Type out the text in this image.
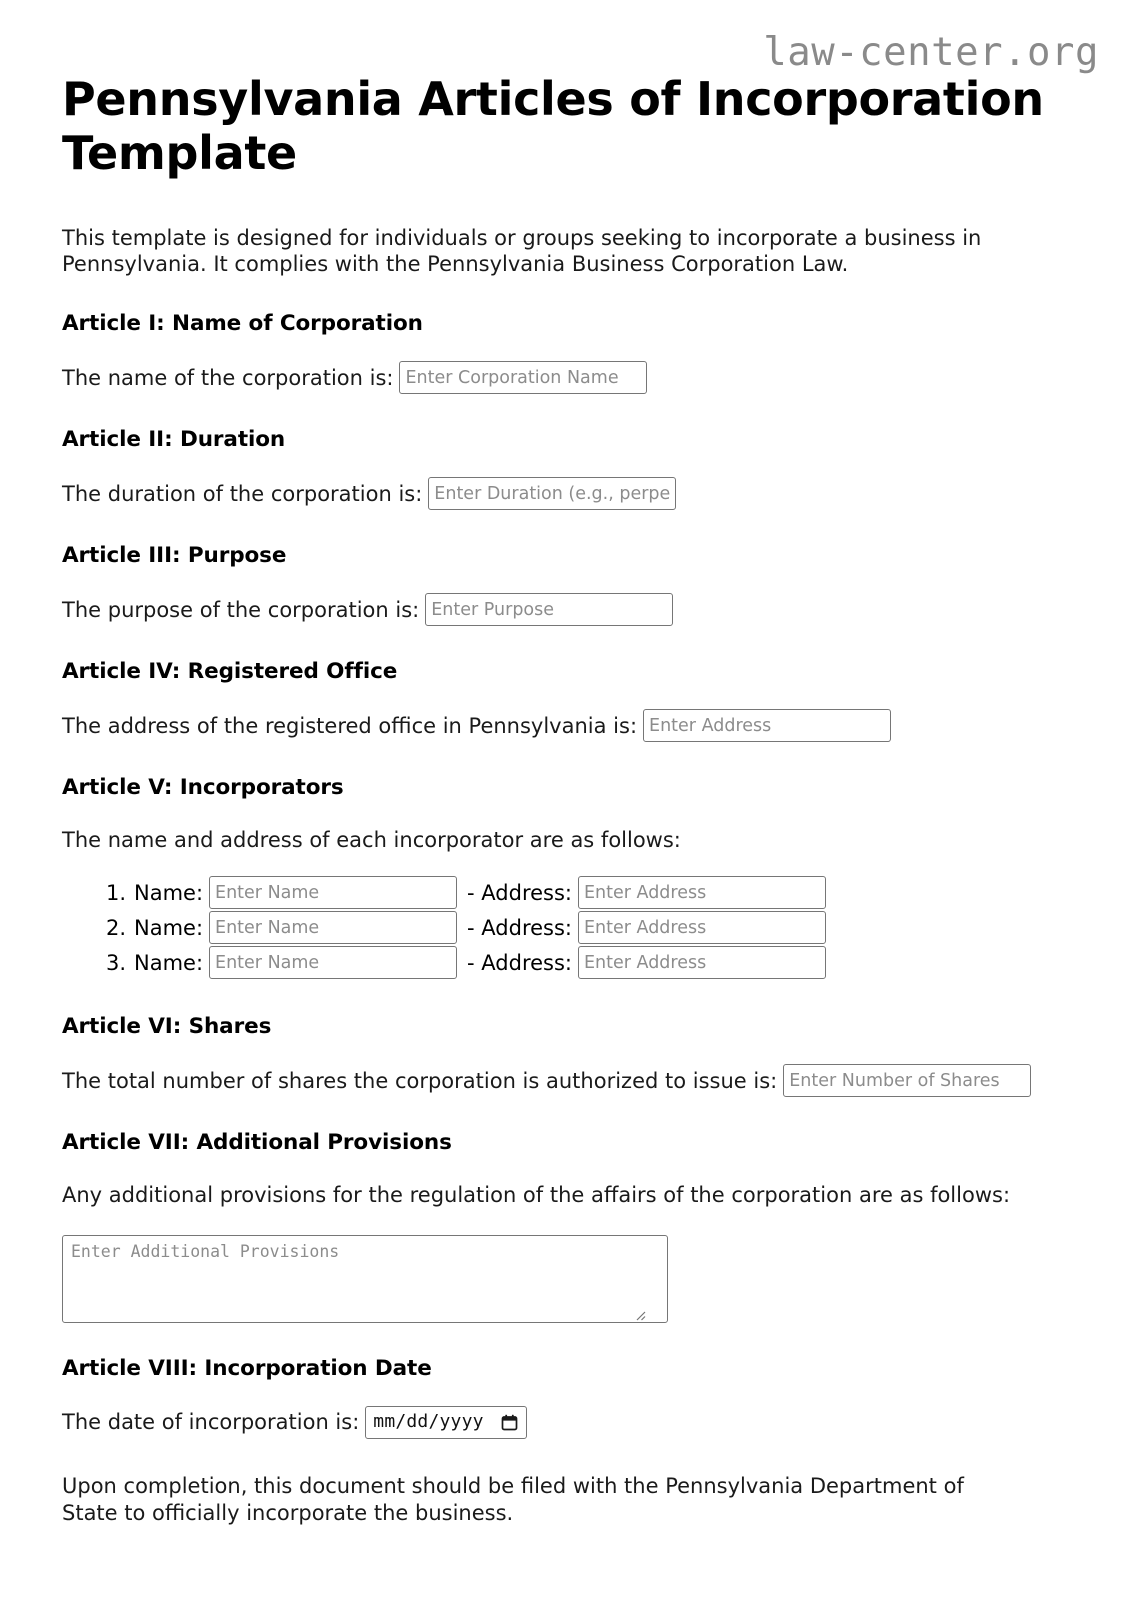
law-center.org
Pennsylvania Articles of Incorporation Template

This template is designed for individuals or groups seeking to incorporate a business in Pennsylvania. It complies with the Pennsylvania Business Corporation Law.

Article I: Name of Corporation
The name of the corporation is:
Enter Corporation Name
Article II: Duration
The duration of the corporation is:
Enter Duration (e.g., perpetual)
Article III: Purpose
The purpose of the corporation is:
Enter Purpose
Article IV: Registered Office
The address of the registered office in Pennsylvania is:
Enter Address
Article V: Incorporators

The name and address of each incorporator are as follows:

1. Name:
Enter Name	- Address:
Enter Address
2. Name:
Enter Name	- Address:
Enter Address
3. Name:
Enter Name	- Address:
Enter Address
Article VI: Shares
The total number of shares the corporation is authorized to issue is:
Enter Number of Shares
Article VII: Additional Provisions

Any additional provisions for the regulation of the affairs of the corporation are as follows:

Enter Additional Provisions
Article VIII: Incorporation Date
The date of incorporation is: mm/dd/yyyy

Upon completion, this document should be filed with the Pennsylvania Department of State to officially incorporate the business.
